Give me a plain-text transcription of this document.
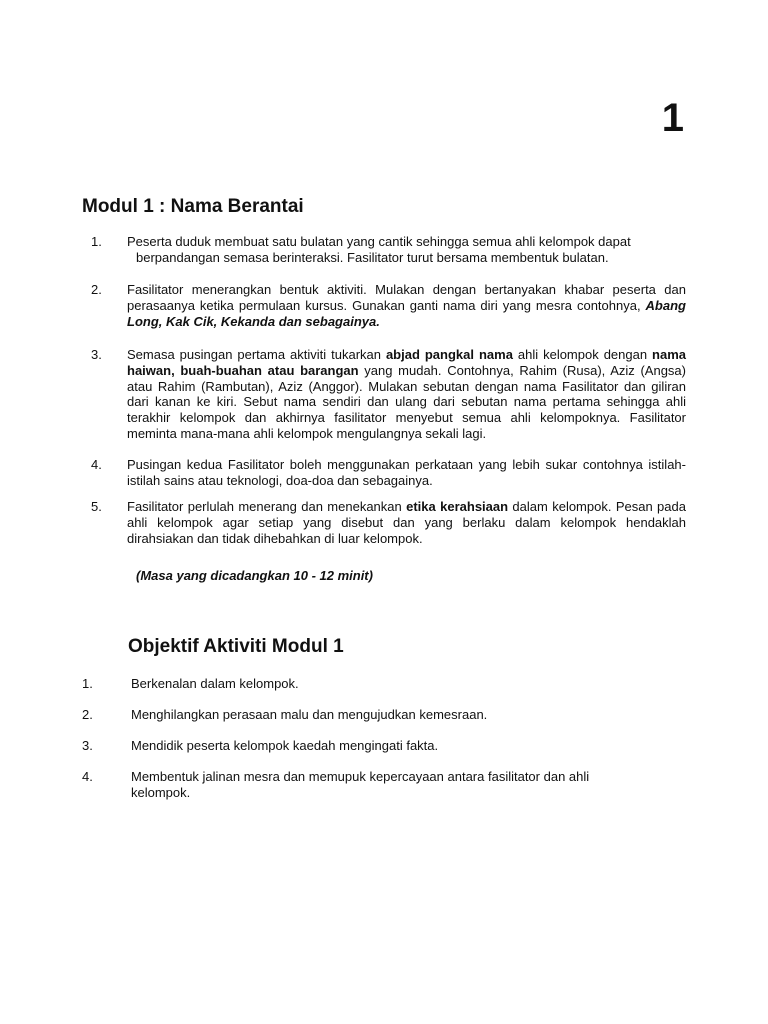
1
Modul 1 : Nama Berantai
1.	Peserta duduk membuat satu bulatan yang cantik sehingga semua ahli kelompok dapat
berpandangan semasa berinteraksi. Fasilitator turut bersama membentuk bulatan.
2.	Fasilitator menerangkan bentuk aktiviti. Mulakan dengan bertanyakan khabar peserta dan perasaanya ketika permulaan kursus. Gunakan ganti nama diri yang mesra contohnya, Abang Long, Kak Cik, Kekanda dan sebagainya.
3.	Semasa pusingan pertama aktiviti tukarkan abjad pangkal nama ahli kelompok dengan nama haiwan, buah-buahan atau barangan yang mudah. Contohnya, Rahim (Rusa), Aziz (Angsa) atau Rahim (Rambutan), Aziz (Anggor). Mulakan sebutan dengan nama Fasilitator dan giliran dari kanan ke kiri. Sebut nama sendiri dan ulang dari sebutan nama pertama sehingga ahli terakhir kelompok dan akhirnya fasilitator menyebut semua ahli kelompoknya. Fasilitator meminta mana-mana ahli kelompok mengulangnya sekali lagi.
4.	Pusingan kedua Fasilitator boleh menggunakan perkataan yang lebih sukar contohnya istilah-istilah sains atau teknologi, doa-doa dan sebagainya.
5.	Fasilitator perlulah menerang dan menekankan etika kerahsiaan dalam kelompok. Pesan pada ahli kelompok agar setiap yang disebut dan yang berlaku dalam kelompok hendaklah dirahsiakan dan tidak dihebahkan di luar kelompok.
(Masa yang dicadangkan 10 - 12 minit)
Objektif Aktiviti Modul 1
1.	Berkenalan dalam kelompok.
2.	Menghilangkan perasaan malu dan mengujudkan kemesraan.
3.	Mendidik peserta kelompok kaedah mengingati fakta.
4.	Membentuk jalinan mesra dan memupuk kepercayaan antara fasilitator dan ahli kelompok.
